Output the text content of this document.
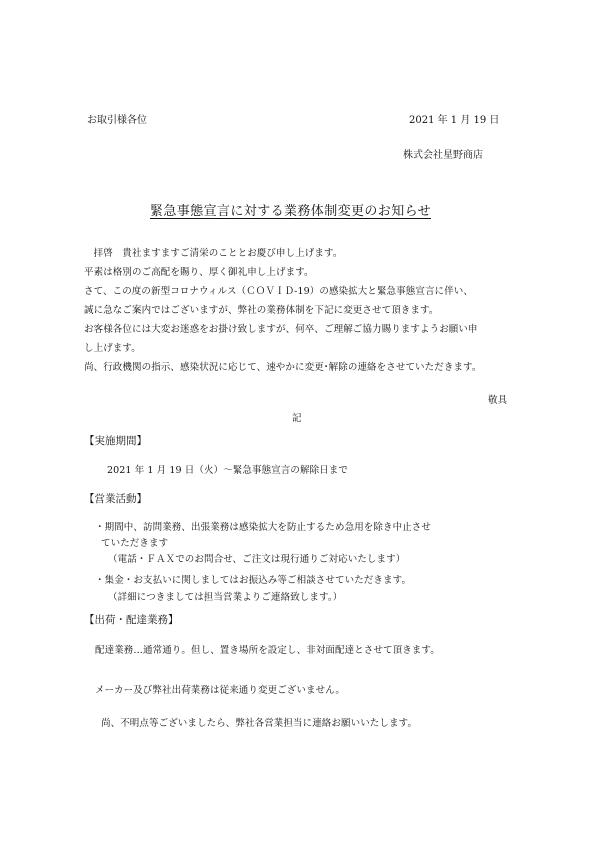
お取引様各位	2021 年 1 月 19 日
株式会社星野商店
緊急事態宣言に対する業務体制変更のお知らせ
　拝啓　貴社ますますご清栄のこととお慶び申し上げます。
平素は格別のご高配を賜り、厚く御礼申し上げます。
さて、この度の新型コロナウィルス（ＣＯＶＩＤ-19）の感染拡大と緊急事態宣言に伴い、
誠に急なご案内ではございますが、弊社の業務体制を下記に変更させて頂きます。
お客様各位には大変お迷惑をお掛け致しますが、何卒、ご理解ご協力賜りますようお願い申
し上げます。
尚、行政機関の指示、感染状況に応じて、速やかに変更･解除の連絡をさせていただきます。
敬具
記
【実施期間】
2021 年 1 月 19 日（火）〜緊急事態宣言の解除日まで
【営業活動】
・期間中、訪問業務、出張業務は感染拡大を防止するため急用を除き中止させ
ていただきます
（電話・ＦＡＸでのお問合せ、ご注文は現行通りご対応いたします）
・集金・お支払いに関しましてはお振込み等ご相談させていただきます。
（詳細につきましては担当営業よりご連絡致します。）
【出荷・配達業務】
配達業務…通常通り。但し、置き場所を設定し、非対面配達とさせて頂きます。
メーカー及び弊社出荷業務は従来通り変更ございません。
尚、不明点等ございましたら、弊社各営業担当に連絡お願いいたします。
